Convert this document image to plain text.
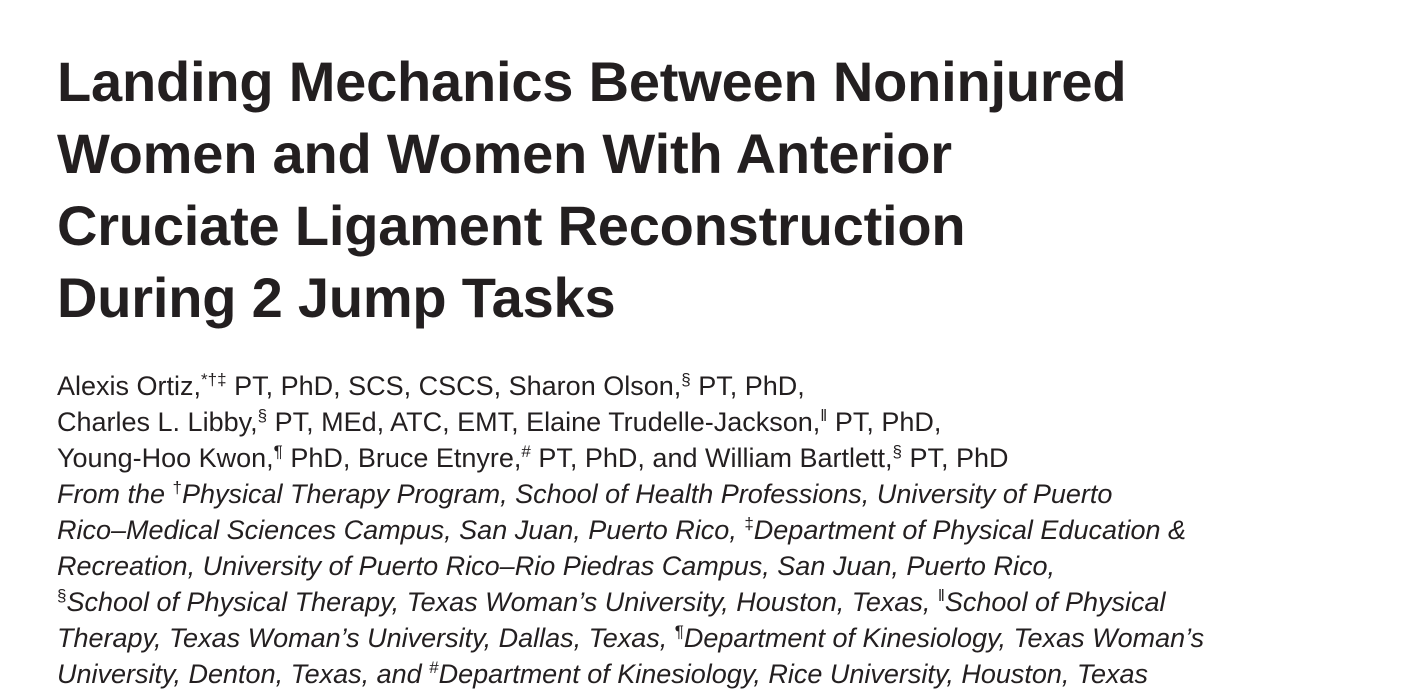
Landing Mechanics Between Noninjured
Women and Women With Anterior
Cruciate Ligament Reconstruction
During 2 Jump Tasks
Alexis Ortiz,*†‡ PT, PhD, SCS, CSCS, Sharon Olson,§ PT, PhD,
Charles L. Libby,§ PT, MEd, ATC, EMT, Elaine Trudelle-Jackson,‖ PT, PhD,
Young-Hoo Kwon,¶ PhD, Bruce Etnyre,# PT, PhD, and William Bartlett,§ PT, PhD
From the †Physical Therapy Program, School of Health Professions, University of Puerto
Rico–Medical Sciences Campus, San Juan, Puerto Rico, ‡Department of Physical Education &
Recreation, University of Puerto Rico–Rio Piedras Campus, San Juan, Puerto Rico,
§School of Physical Therapy, Texas Woman’s University, Houston, Texas, ‖School of Physical
Therapy, Texas Woman’s University, Dallas, Texas, ¶Department of Kinesiology, Texas Woman’s
University, Denton, Texas, and #Department of Kinesiology, Rice University, Houston, Texas
